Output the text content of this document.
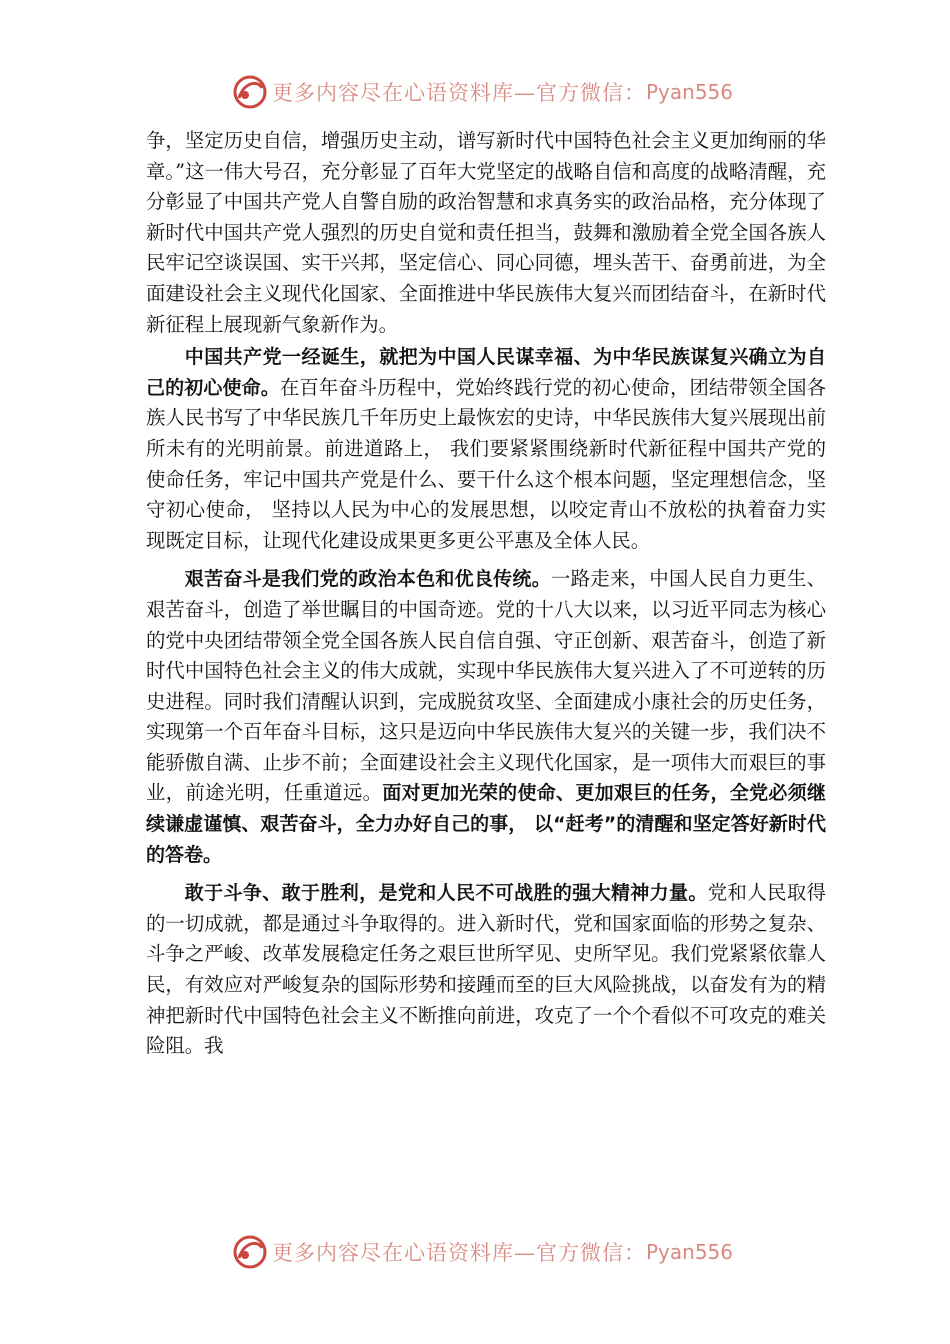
更多内容尽在心语资料库—官方微信： Pyan556

争，坚定历史自信，增强历史主动，谱写新时代中国特色社会主义更加绚丽的华章。”这一伟大号召，充分彰显了百年大党坚定的战略自信和高度的战略清醒，充分彰显了中国共产党人自警自励的政治智慧和求真务实的政治品格，充分体现了新时代中国共产党人强烈的历史自觉和责任担当，鼓舞和激励着全党全国各族人民牢记空谈误国、实干兴邦，坚定信心、同心同德，埋头苦干、奋勇前进，为全面建设社会主义现代化国家、全面推进中华民族伟大复兴而团结奋斗，在新时代新征程上展现新气象新作为。

中国共产党一经诞生，就把为中国人民谋幸福、为中华民族谋复兴确立为自己的初心使命。在百年奋斗历程中，党始终践行党的初心使命，团结带领全国各族人民书写了中华民族几千年历史上最恢宏的史诗，中华民族伟大复兴展现出前所未有的光明前景。前进道路上， 我们要紧紧围绕新时代新征程中国共产党的使命任务，牢记中国共产党是什么、要干什么这个根本问题，坚定理想信念，坚守初心使命， 坚持以人民为中心的发展思想，以咬定青山不放松的执着奋力实现既定目标，让现代化建设成果更多更公平惠及全体人民。

艰苦奋斗是我们党的政治本色和优良传统。一路走来，中国人民自力更生、艰苦奋斗，创造了举世瞩目的中国奇迹。党的十八大以来，以习近平同志为核心的党中央团结带领全党全国各族人民自信自强、守正创新、艰苦奋斗，创造了新时代中国特色社会主义的伟大成就，实现中华民族伟大复兴进入了不可逆转的历史进程。同时我们清醒认识到，完成脱贫攻坚、全面建成小康社会的历史任务，实现第一个百年奋斗目标，这只是迈向中华民族伟大复兴的关键一步，我们决不能骄傲自满、止步不前；全面建设社会主义现代化国家，是一项伟大而艰巨的事业，前途光明，任重道远。面对更加光荣的使命、更加艰巨的任务，全党必须继续谦虚谨慎、艰苦奋斗，全力办好自己的事， 以“赶考”的清醒和坚定答好新时代的答卷。

敢于斗争、敢于胜利，是党和人民不可战胜的强大精神力量。党和人民取得的一切成就，都是通过斗争取得的。进入新时代，党和国家面临的形势之复杂、斗争之严峻、改革发展稳定任务之艰巨世所罕见、史所罕见。我们党紧紧依靠人民，有效应对严峻复杂的国际形势和接踵而至的巨大风险挑战，以奋发有为的精神把新时代中国特色社会主义不断推向前进，攻克了一个个看似不可攻克的难关险阻。我

更多内容尽在心语资料库—官方微信： Pyan556
